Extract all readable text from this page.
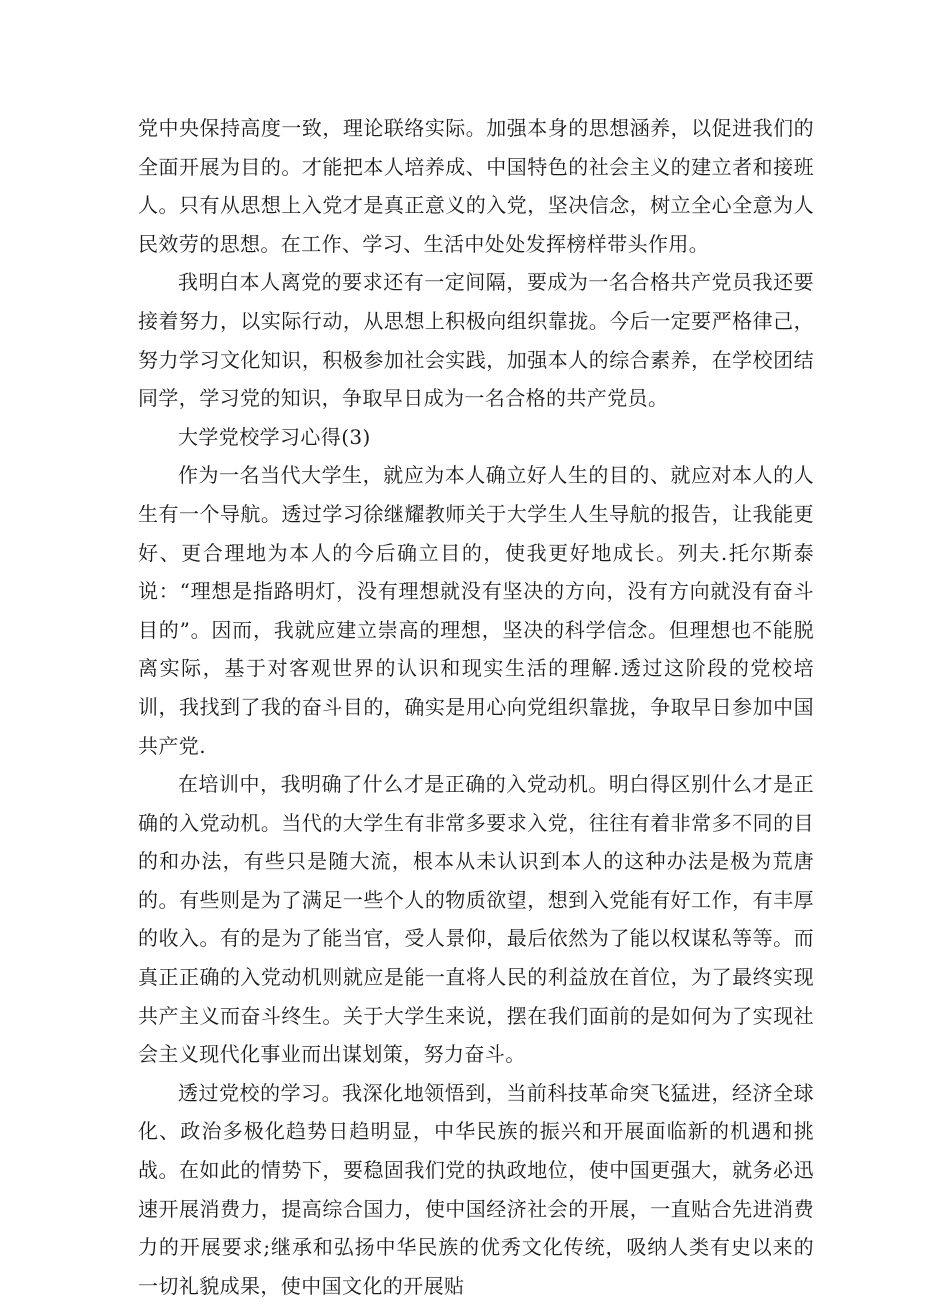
党中央保持高度一致，理论联络实际。加强本身的思想涵养，以促进我们的全面开展为目的。才能把本人培养成、中国特色的社会主义的建立者和接班人。只有从思想上入党才是真正意义的入党，坚决信念，树立全心全意为人民效劳的思想。在工作、学习、生活中处处发挥榜样带头作用。

我明白本人离党的要求还有一定间隔，要成为一名合格共产党员我还要接着努力，以实际行动，从思想上积极向组织靠拢。今后一定要严格律己，努力学习文化知识，积极参加社会实践，加强本人的综合素养，在学校团结同学，学习党的知识，争取早日成为一名合格的共产党员。

大学党校学习心得(3)

作为一名当代大学生，就应为本人确立好人生的目的、就应对本人的人生有一个导航。透过学习徐继耀教师关于大学生人生导航的报告，让我能更好、更合理地为本人的今后确立目的，使我更好地成长。列夫.托尔斯泰说：“理想是指路明灯，没有理想就没有坚决的方向，没有方向就没有奋斗目的”。因而，我就应建立崇高的理想，坚决的科学信念。但理想也不能脱离实际，基于对客观世界的认识和现实生活的理解.透过这阶段的党校培训，我找到了我的奋斗目的，确实是用心向党组织靠拢，争取早日参加中国共产党.

在培训中，我明确了什么才是正确的入党动机。明白得区别什么才是正确的入党动机。当代的大学生有非常多要求入党，往往有着非常多不同的目的和办法，有些只是随大流，根本从未认识到本人的这种办法是极为荒唐的。有些则是为了满足一些个人的物质欲望，想到入党能有好工作，有丰厚的收入。有的是为了能当官，受人景仰，最后依然为了能以权谋私等等。而真正正确的入党动机则就应是能一直将人民的利益放在首位，为了最终实现共产主义而奋斗终生。关于大学生来说，摆在我们面前的是如何为了实现社会主义现代化事业而出谋划策，努力奋斗。

透过党校的学习。我深化地领悟到，当前科技革命突飞猛进，经济全球化、政治多极化趋势日趋明显，中华民族的振兴和开展面临新的机遇和挑战。在如此的情势下，要稳固我们党的执政地位，使中国更强大，就务必迅速开展消费力，提高综合国力，使中国经济社会的开展，一直贴合先进消费力的开展要求;继承和弘扬中华民族的优秀文化传统，吸纳人类有史以来的一切礼貌成果，使中国文化的开展贴
